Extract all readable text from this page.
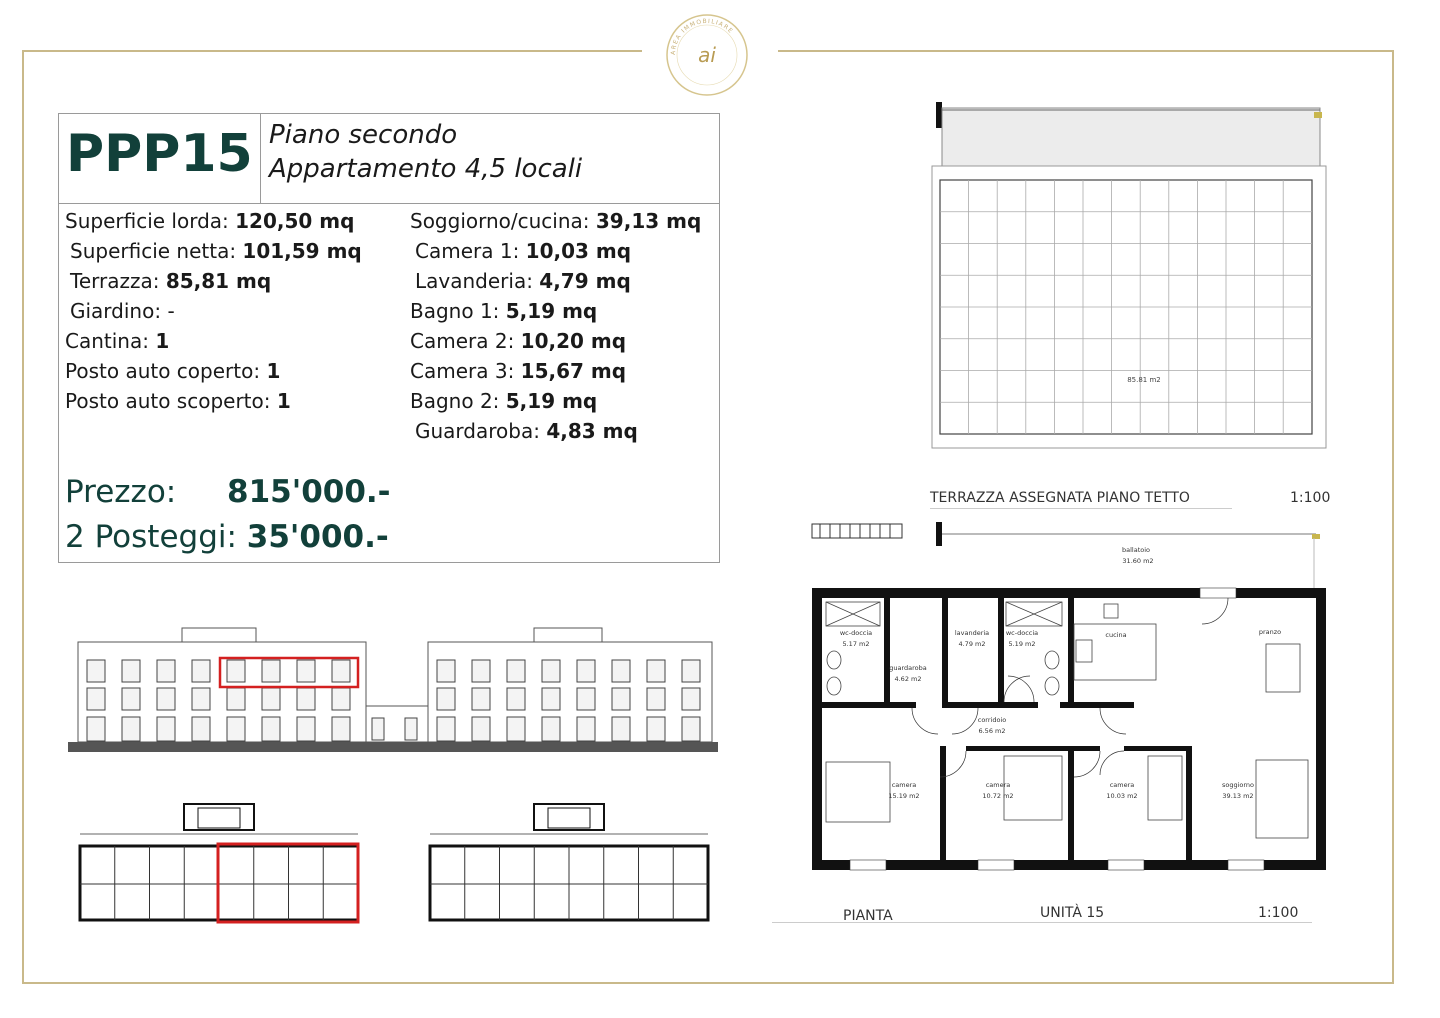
AREA IMMOBILIARE
ai
PPP15 Piano secondo
Appartamento 4,5 locali
Superficie lorda: 120,50 mq
Superficie netta: 101,59 mq
Terrazza: 85,81 mq
Giardino: -
Cantina: 1
Posto auto coperto: 1
Posto auto scoperto: 1
Soggiorno/cucina: 39,13 mq
Camera 1: 10,03 mq
Lavanderia: 4,79 mq
Bagno 1: 5,19 mq
Camera 2: 10,20 mq
Camera 3: 15,67 mq
Bagno 2: 5,19 mq
Guardaroba: 4,83 mq
Prezzo: 815'000.-
2 Posteggi: 35'000.-
85.81 m2
TERRAZZA ASSEGNATA PIANO TETTO	1:100
ballatoio
31.60 m2
wc-doccia
5.17 m2
guardaroba
4.62 m2
lavanderia
4.79 m2
wc-doccia
5.19 m2
cucina	pranzo
corridoio
6.56 m2
camera
15.19 m2
camera
10.72 m2
camera
10.03 m2
soggiorno
39.13 m2
PIANTA	UNITÀ 15	1:100
